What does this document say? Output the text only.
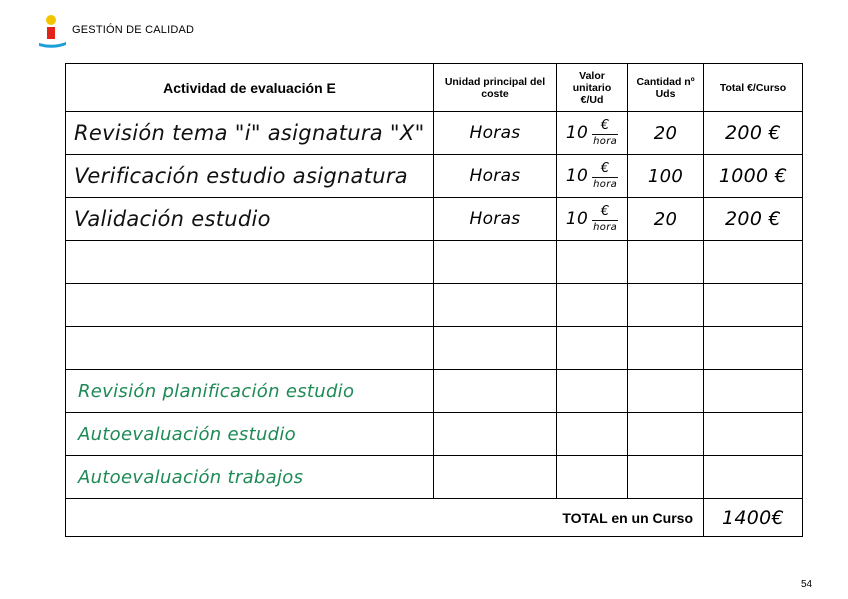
GESTIÓN DE CALIDAD
Actividad de evaluación E	Unidad principal del coste	Valor unitario €/Ud	Cantidad nº Uds	Total €/Curso
Revisión tema "i" asignatura "X"	Horas	$10 \frac{€}{\text{hora}}$	20	200 €
Verificación estudio asignatura	Horas	$10 \frac{€}{\text{hora}}$	100	1000 €
Validación estudio	Horas	$10 \frac{€}{\text{hora}}$	20	200 €

Revisión planificación estudio				
Autoevaluación estudio				
Autoevaluación trabajos				
TOTAL en un Curso				1400€
54
